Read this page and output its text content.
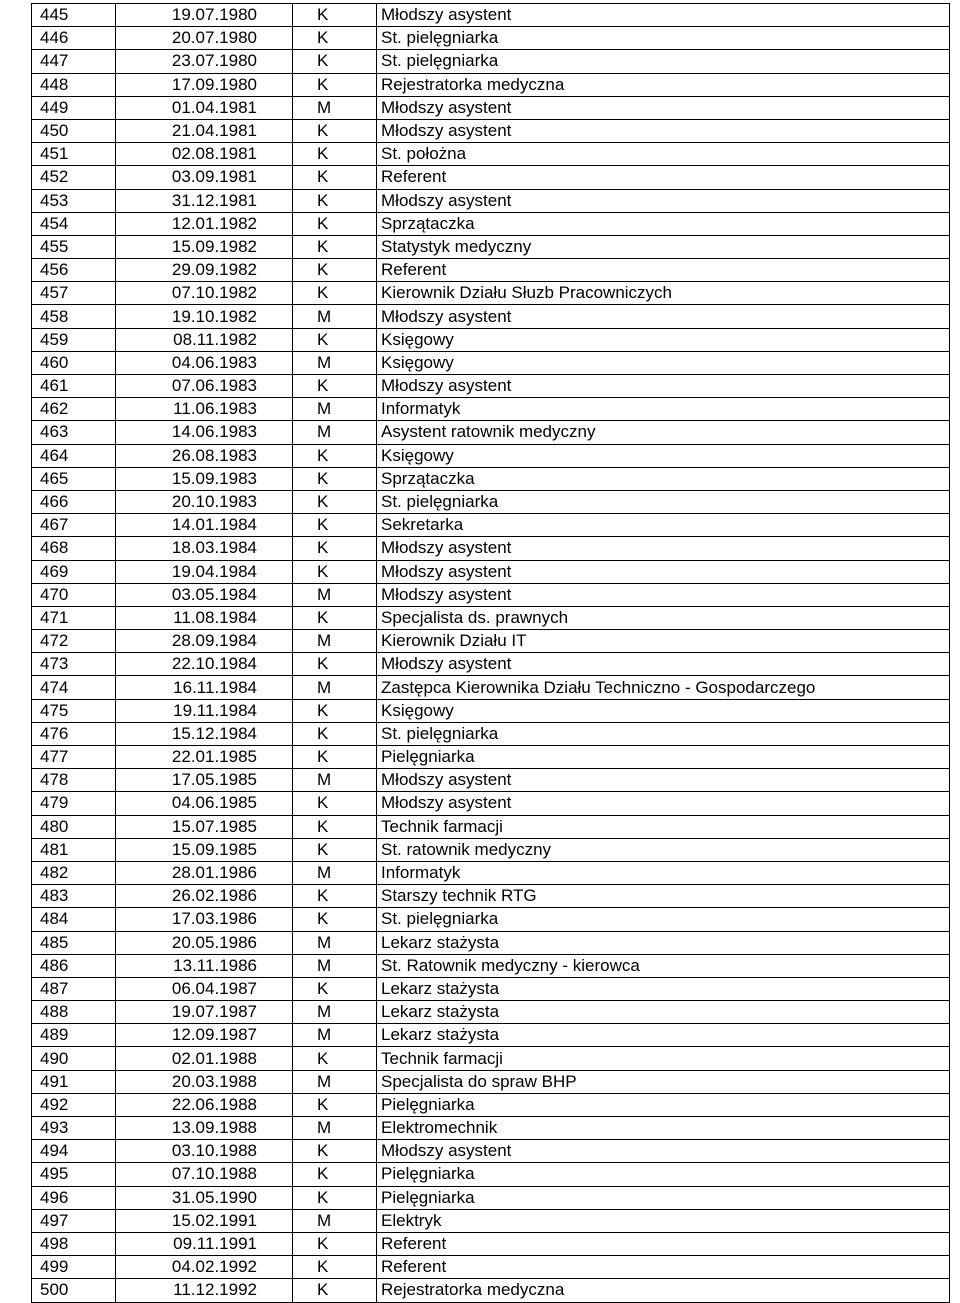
445	19.07.1980	K	Młodszy asystent
446	20.07.1980	K	St. pielęgniarka
447	23.07.1980	K	St. pielęgniarka
448	17.09.1980	K	Rejestratorka medyczna
449	01.04.1981	M	Młodszy asystent
450	21.04.1981	K	Młodszy asystent
451	02.08.1981	K	St. położna
452	03.09.1981	K	Referent
453	31.12.1981	K	Młodszy asystent
454	12.01.1982	K	Sprzątaczka
455	15.09.1982	K	Statystyk medyczny
456	29.09.1982	K	Referent
457	07.10.1982	K	Kierownik Działu Słuzb Pracowniczych
458	19.10.1982	M	Młodszy asystent
459	08.11.1982	K	Księgowy
460	04.06.1983	M	Księgowy
461	07.06.1983	K	Młodszy asystent
462	11.06.1983	M	Informatyk
463	14.06.1983	M	Asystent ratownik medyczny
464	26.08.1983	K	Księgowy
465	15.09.1983	K	Sprzątaczka
466	20.10.1983	K	St. pielęgniarka
467	14.01.1984	K	Sekretarka
468	18.03.1984	K	Młodszy asystent
469	19.04.1984	K	Młodszy asystent
470	03.05.1984	M	Młodszy asystent
471	11.08.1984	K	Specjalista ds. prawnych
472	28.09.1984	M	Kierownik Działu IT
473	22.10.1984	K	Młodszy asystent
474	16.11.1984	M	Zastępca Kierownika Działu Techniczno - Gospodarczego
475	19.11.1984	K	Księgowy
476	15.12.1984	K	St. pielęgniarka
477	22.01.1985	K	Pielęgniarka
478	17.05.1985	M	Młodszy asystent
479	04.06.1985	K	Młodszy asystent
480	15.07.1985	K	Technik farmacji
481	15.09.1985	K	St. ratownik medyczny
482	28.01.1986	M	Informatyk
483	26.02.1986	K	Starszy technik RTG
484	17.03.1986	K	St. pielęgniarka
485	20.05.1986	M	Lekarz stażysta
486	13.11.1986	M	St. Ratownik medyczny - kierowca
487	06.04.1987	K	Lekarz stażysta
488	19.07.1987	M	Lekarz stażysta
489	12.09.1987	M	Lekarz stażysta
490	02.01.1988	K	Technik farmacji
491	20.03.1988	M	Specjalista do spraw BHP
492	22.06.1988	K	Pielęgniarka
493	13.09.1988	M	Elektromechnik
494	03.10.1988	K	Młodszy asystent
495	07.10.1988	K	Pielęgniarka
496	31.05.1990	K	Pielęgniarka
497	15.02.1991	M	Elektryk
498	09.11.1991	K	Referent
499	04.02.1992	K	Referent
500	11.12.1992	K	Rejestratorka medyczna
